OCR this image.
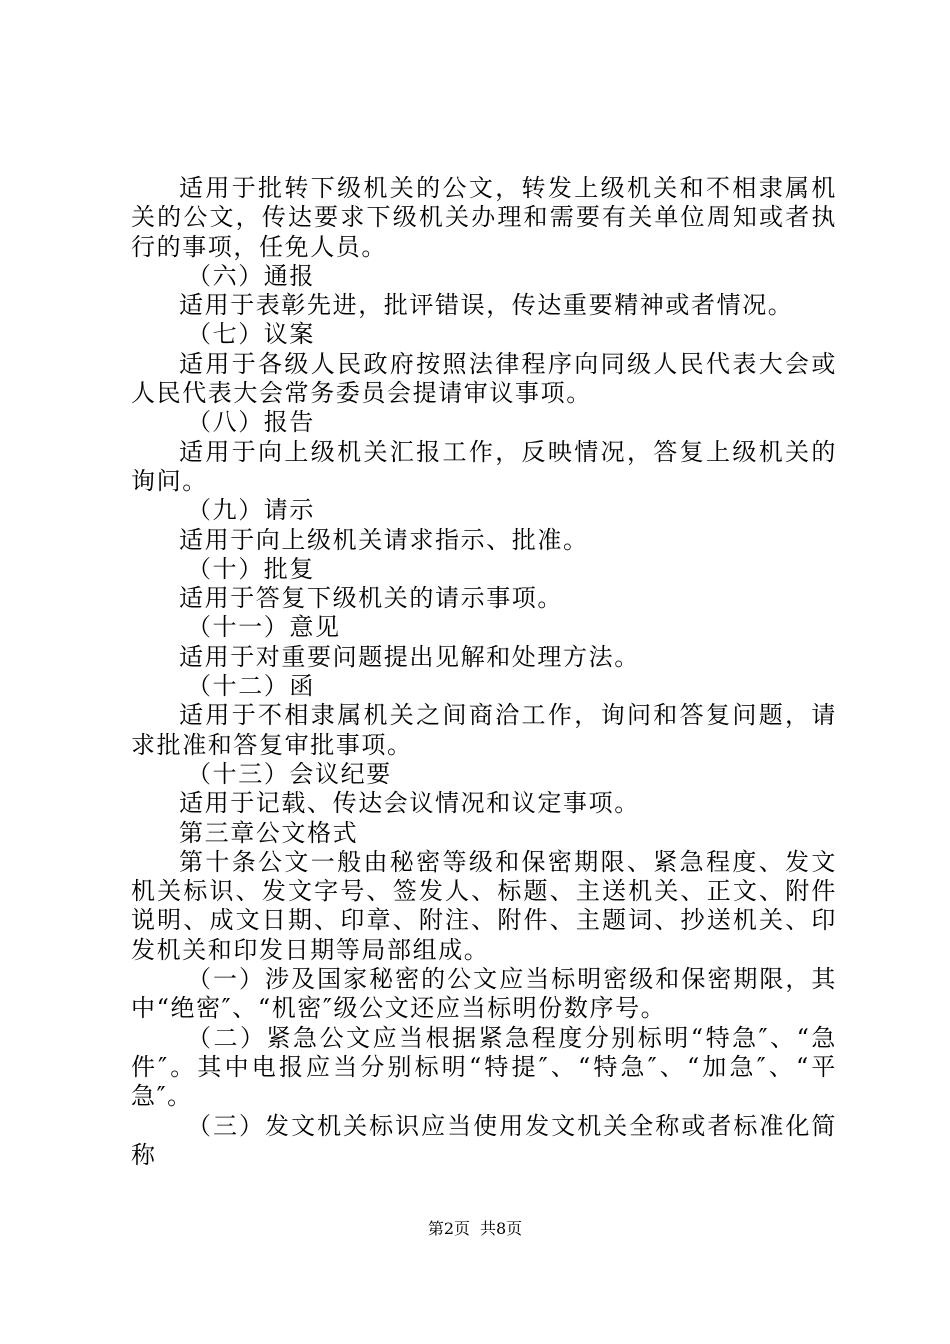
适用于批转下级机关的公文，转发上级机关和不相隶属机关的公文，传达要求下级机关办理和需要有关单位周知或者执行的事项，任免人员。

（六）通报

适用于表彰先进，批评错误，传达重要精神或者情况。

（七）议案

适用于各级人民政府按照法律程序向同级人民代表大会或人民代表大会常务委员会提请审议事项。

（八）报告

适用于向上级机关汇报工作，反映情况，答复上级机关的询问。

（九）请示

适用于向上级机关请求指示、批准。

（十）批复

适用于答复下级机关的请示事项。

（十一）意见

适用于对重要问题提出见解和处理方法。

（十二）函

适用于不相隶属机关之间商洽工作，询问和答复问题，请求批准和答复审批事项。

（十三）会议纪要

适用于记载、传达会议情况和议定事项。

第三章公文格式

第十条公文一般由秘密等级和保密期限、紧急程度、发文机关标识、发文字号、签发人、标题、主送机关、正文、附件说明、成文日期、印章、附注、附件、主题词、抄送机关、印发机关和印发日期等局部组成。

（一）涉及国家秘密的公文应当标明密级和保密期限，其中“绝密″、“机密″级公文还应当标明份数序号。

（二）紧急公文应当根据紧急程度分别标明“特急″、“急件″。其中电报应当分别标明“特提″、“特急″、“加急″、“平急″。

（三）发文机关标识应当使用发文机关全称或者标准化简称

第2页 共8页
